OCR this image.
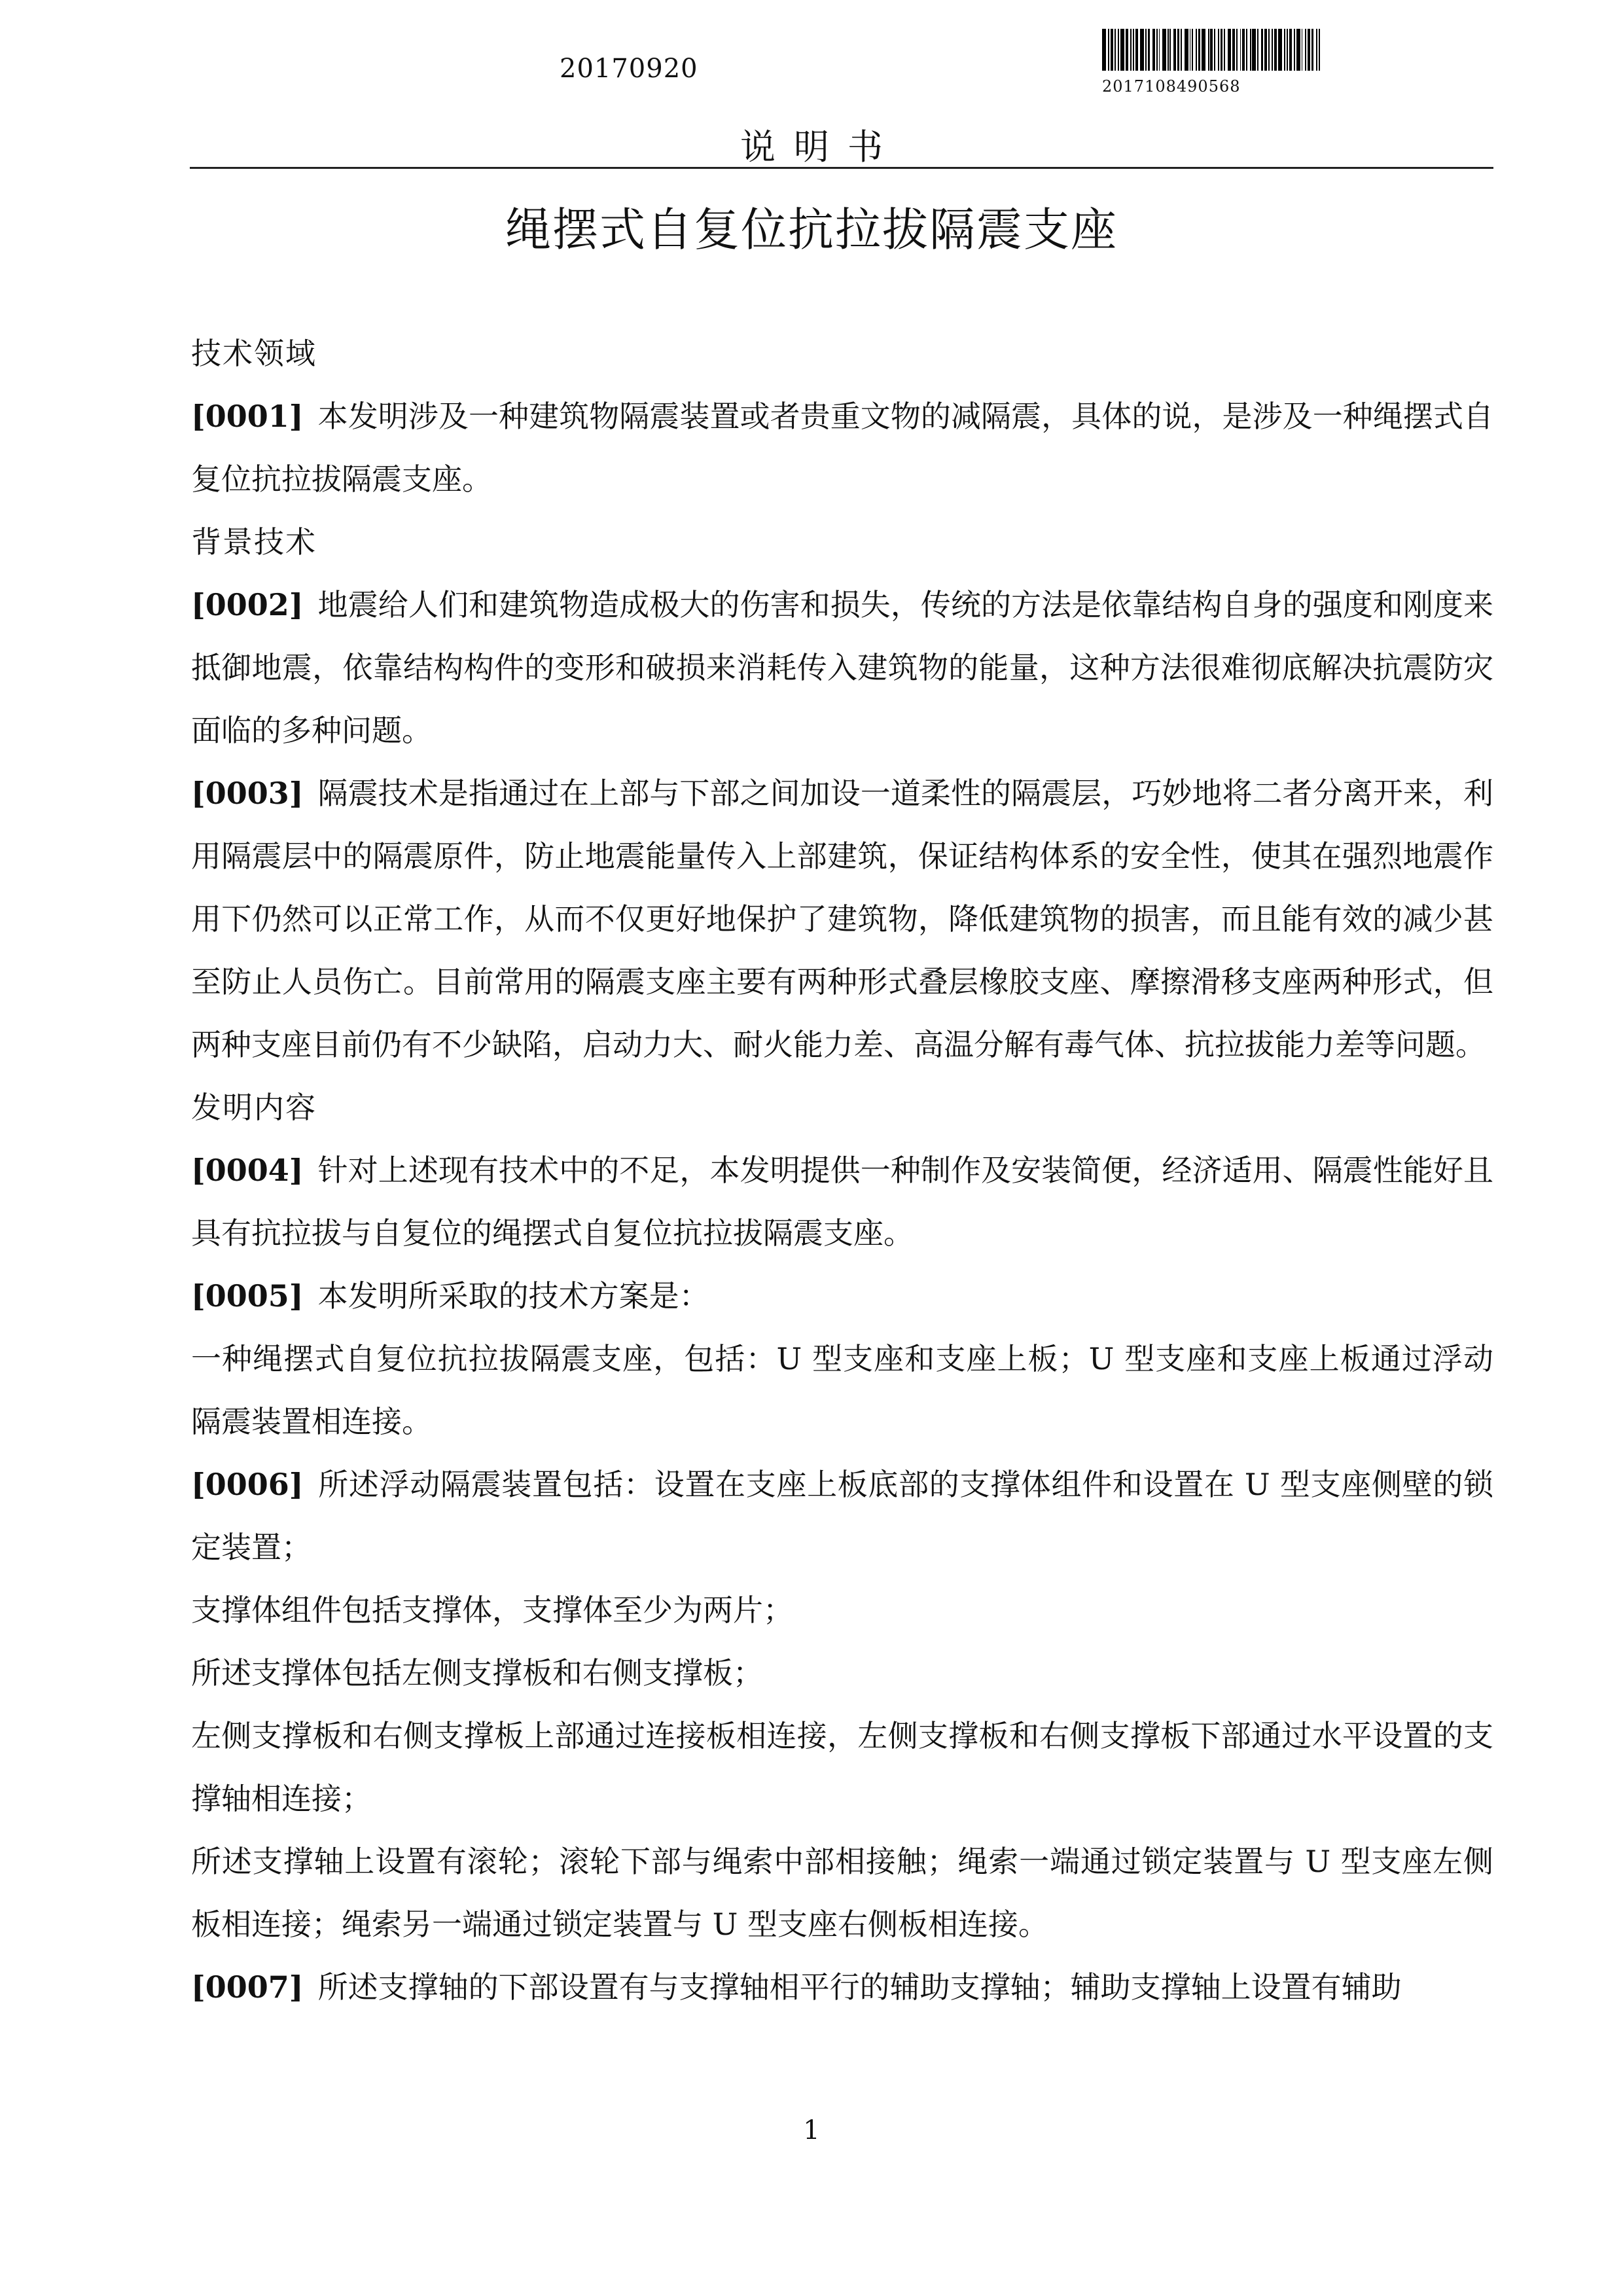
20170920
2017108490568
说明书
绳摆式自复位抗拉拔隔震支座

技术领域

[0001] 本发明涉及一种建筑物隔震装置或者贵重文物的减隔震，具体的说，是涉及一种绳摆式自复位抗拉拔隔震支座。

背景技术

[0002] 地震给人们和建筑物造成极大的伤害和损失，传统的方法是依靠结构自身的强度和刚度来抵御地震，依靠结构构件的变形和破损来消耗传入建筑物的能量，这种方法很难彻底解决抗震防灾面临的多种问题。

[0003] 隔震技术是指通过在上部与下部之间加设一道柔性的隔震层，巧妙地将二者分离开来，利用隔震层中的隔震原件，防止地震能量传入上部建筑，保证结构体系的安全性，使其在强烈地震作用下仍然可以正常工作，从而不仅更好地保护了建筑物，降低建筑物的损害，而且能有效的减少甚至防止人员伤亡。目前常用的隔震支座主要有两种形式叠层橡胶支座、摩擦滑移支座两种形式，但两种支座目前仍有不少缺陷，启动力大、耐火能力差、高温分解有毒气体、抗拉拔能力差等问题。

发明内容

[0004] 针对上述现有技术中的不足，本发明提供一种制作及安装简便，经济适用、隔震性能好且具有抗拉拔与自复位的绳摆式自复位抗拉拔隔震支座。

[0005] 本发明所采取的技术方案是：

一种绳摆式自复位抗拉拔隔震支座，包括：U 型支座和支座上板；U 型支座和支座上板通过浮动隔震装置相连接。

[0006] 所述浮动隔震装置包括：设置在支座上板底部的支撑体组件和设置在 U 型支座侧壁的锁定装置；

支撑体组件包括支撑体，支撑体至少为两片；

所述支撑体包括左侧支撑板和右侧支撑板；

左侧支撑板和右侧支撑板上部通过连接板相连接，左侧支撑板和右侧支撑板下部通过水平设置的支撑轴相连接；

所述支撑轴上设置有滚轮；滚轮下部与绳索中部相接触；绳索一端通过锁定装置与 U 型支座左侧板相连接；绳索另一端通过锁定装置与 U 型支座右侧板相连接。

[0007] 所述支撑轴的下部设置有与支撑轴相平行的辅助支撑轴；辅助支撑轴上设置有辅助

1
